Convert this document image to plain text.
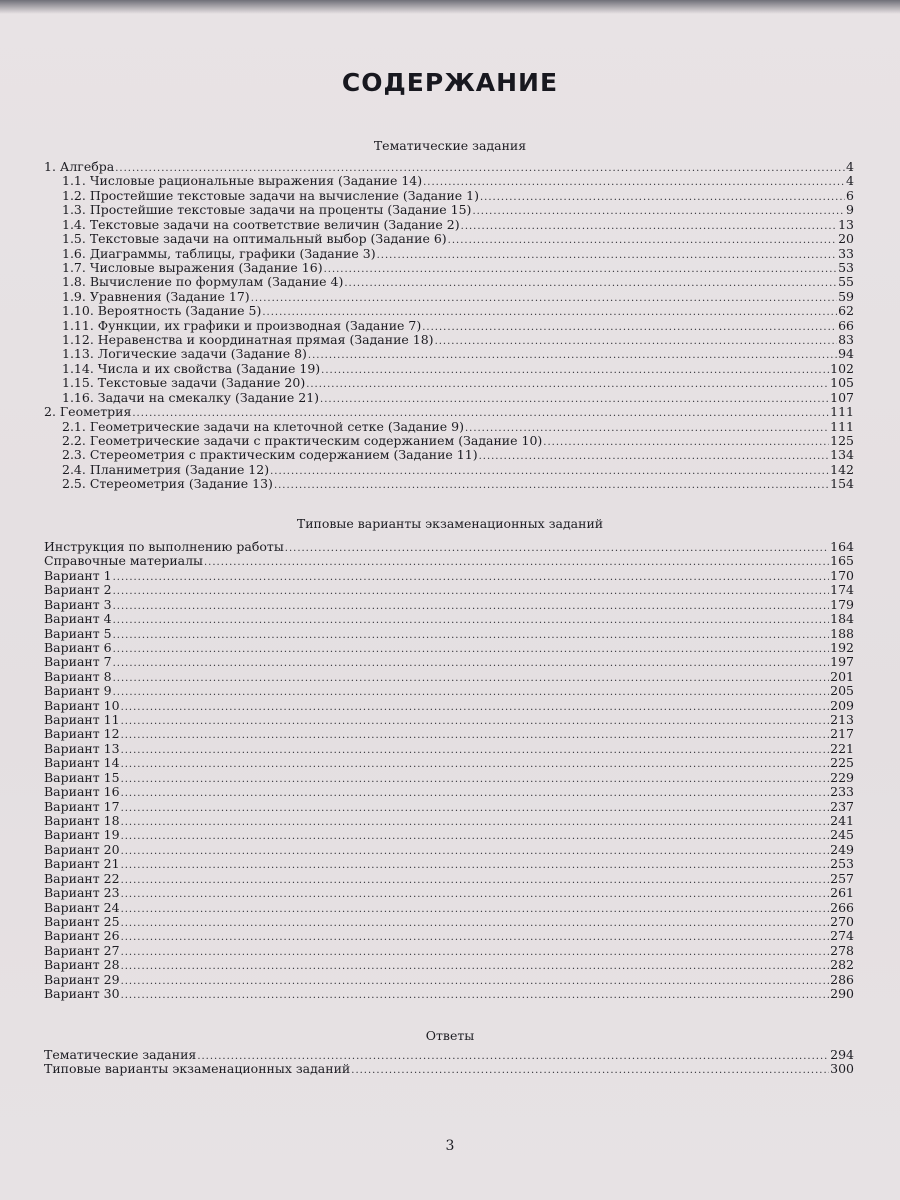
СОДЕРЖАНИЕ
Тематические задания
1. Алгебра .....	4
1.1. Числовые рациональные выражения (Задание 14) .....	4
1.2. Простейшие текстовые задачи на вычисление (Задание 1) .....	6
1.3. Простейшие текстовые задачи на проценты (Задание 15) .....	9
1.4. Текстовые задачи на соответствие величин (Задание 2) .....	13
1.5. Текстовые задачи на оптимальный выбор (Задание 6) .....	20
1.6. Диаграммы, таблицы, графики (Задание 3) .....	33
1.7. Числовые выражения (Задание 16) .....	53
1.8. Вычисление по формулам (Задание 4) .....	55
1.9. Уравнения (Задание 17) .....	59
1.10. Вероятность (Задание 5) .....	62
1.11. Функции, их графики и производная (Задание 7) .....	66
1.12. Неравенства и координатная прямая (Задание 18) .....	83
1.13. Логические задачи (Задание 8) .....	94
1.14. Числа и их свойства (Задание 19) .....	102
1.15. Текстовые задачи (Задание 20) .....	105
1.16. Задачи на смекалку (Задание 21) .....	107
2. Геометрия .....	111
2.1. Геометрические задачи на клеточной сетке (Задание 9) .....	111
2.2. Геометрические задачи с практическим содержанием (Задание 10) .....	125
2.3. Стереометрия с практическим содержанием (Задание 11) .....	134
2.4. Планиметрия (Задание 12) .....	142
2.5. Стереометрия (Задание 13) .....	154
Типовые варианты экзаменационных заданий
Инструкция по выполнению работы .....	164
Справочные материалы .....	165
Вариант 1 .....	170
Вариант 2 .....	174
Вариант 3 .....	179
Вариант 4 .....	184
Вариант 5 .....	188
Вариант 6 .....	192
Вариант 7 .....	197
Вариант 8 .....	201
Вариант 9 .....	205
Вариант 10 .....	209
Вариант 11 .....	213
Вариант 12 .....	217
Вариант 13 .....	221
Вариант 14 .....	225
Вариант 15 .....	229
Вариант 16 .....	233
Вариант 17 .....	237
Вариант 18 .....	241
Вариант 19 .....	245
Вариант 20 .....	249
Вариант 21 .....	253
Вариант 22 .....	257
Вариант 23 .....	261
Вариант 24 .....	266
Вариант 25 .....	270
Вариант 26 .....	274
Вариант 27 .....	278
Вариант 28 .....	282
Вариант 29 .....	286
Вариант 30 .....	290
Ответы
Тематические задания .....	294
Типовые варианты экзаменационных заданий .....	300
3
